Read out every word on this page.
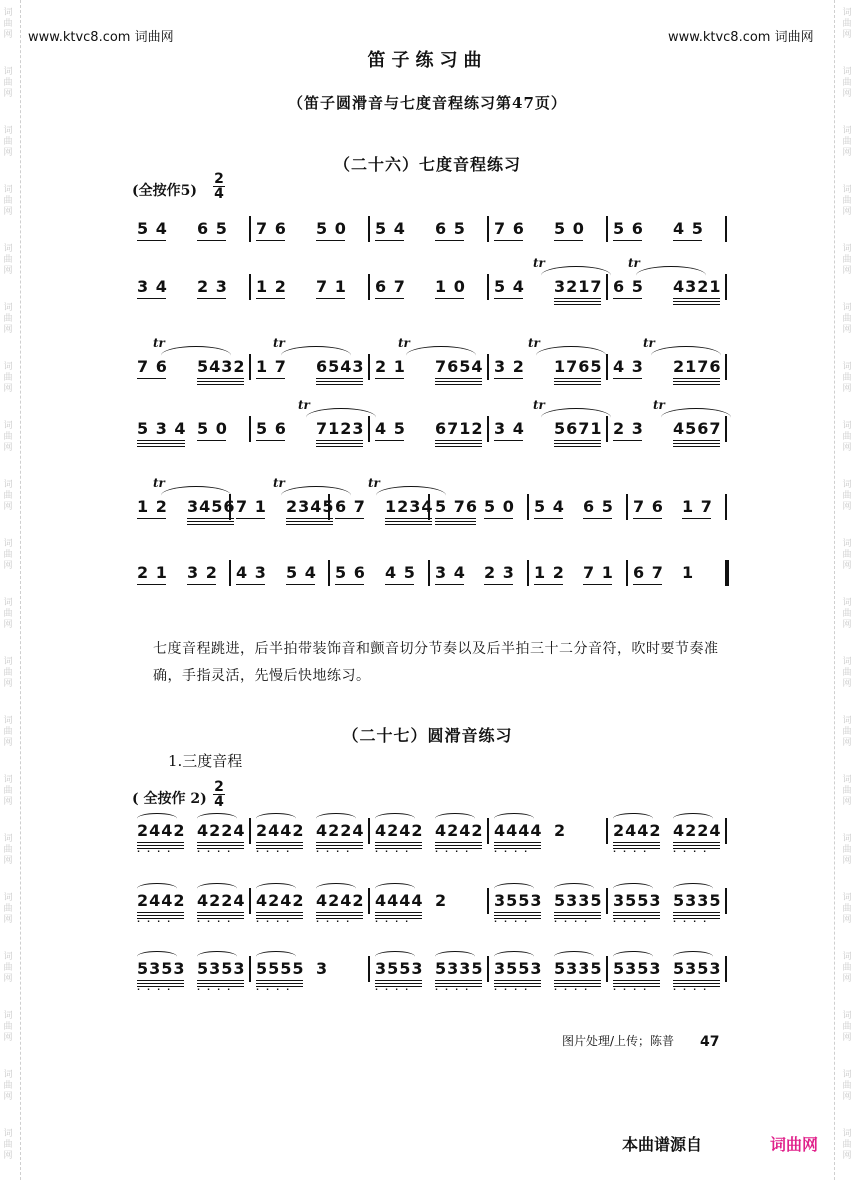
词曲网
词曲网
词曲网
词曲网
词曲网
词曲网
词曲网
词曲网
词曲网
词曲网
词曲网
词曲网
词曲网
词曲网
词曲网
词曲网
词曲网
词曲网
词曲网
词曲网
词曲网
词曲网
词曲网
词曲网
词曲网
词曲网
词曲网
词曲网
词曲网
词曲网
词曲网
词曲网
词曲网
词曲网
词曲网
词曲网
词曲网
词曲网
词曲网
词曲网
www.ktvc8.com 词曲网	www.ktvc8.com 词曲网
笛子练习曲
（笛子圆滑音与七度音程练习第47页）
（二十六）七度音程练习
(全按作5)
2
4
5 4 6 5 7 6 5 0 5 4 6 5 7 6 5 0 5 6 4 5
3 4 2 3 1 2 7 1 6 7 1 0 5 4 3217 6 5 4321
tr	tr
7 6 5432 1 7 6543 2 1 7654 3 2 1765 4 3 2176
tr	tr	tr	tr	tr
5 3 4 5 0 5 6 7123 4 5 6712 3 4 5671 2 3 4567
tr	tr	tr
1 2 3456 7 1 2345 6 7 1234 5 76 5 0 5 4 6 5 7 6 1 7
tr	tr	tr
2 1 3 2 4 3 5 4 5 6 4 5 3 4 2 3 1 2 7 1 6 7 1
七度音程跳进，后半拍带装饰音和颤音切分节奏以及后半拍三十二分音符，吹时要节奏准确，手指灵活，先慢后快地练习。
（二十七）圆滑音练习
1.三度音程
( 全按作 2)
2
4
2442
....
4224
....
2442
....
4224
....
4242
....
4242
....
4444
....
2	2442
....
4224
....
2442
....
4224
....
4242
....
4242
....
4444
....
2	3553
....
5335
....
3553
....
5335
....
5353
....
5353
....
5555
....
3	3553
....
5335
....
3553
....
5335
....
5353
....
5353
....
图片处理/上传；陈普 47
本曲谱源自	词曲网
